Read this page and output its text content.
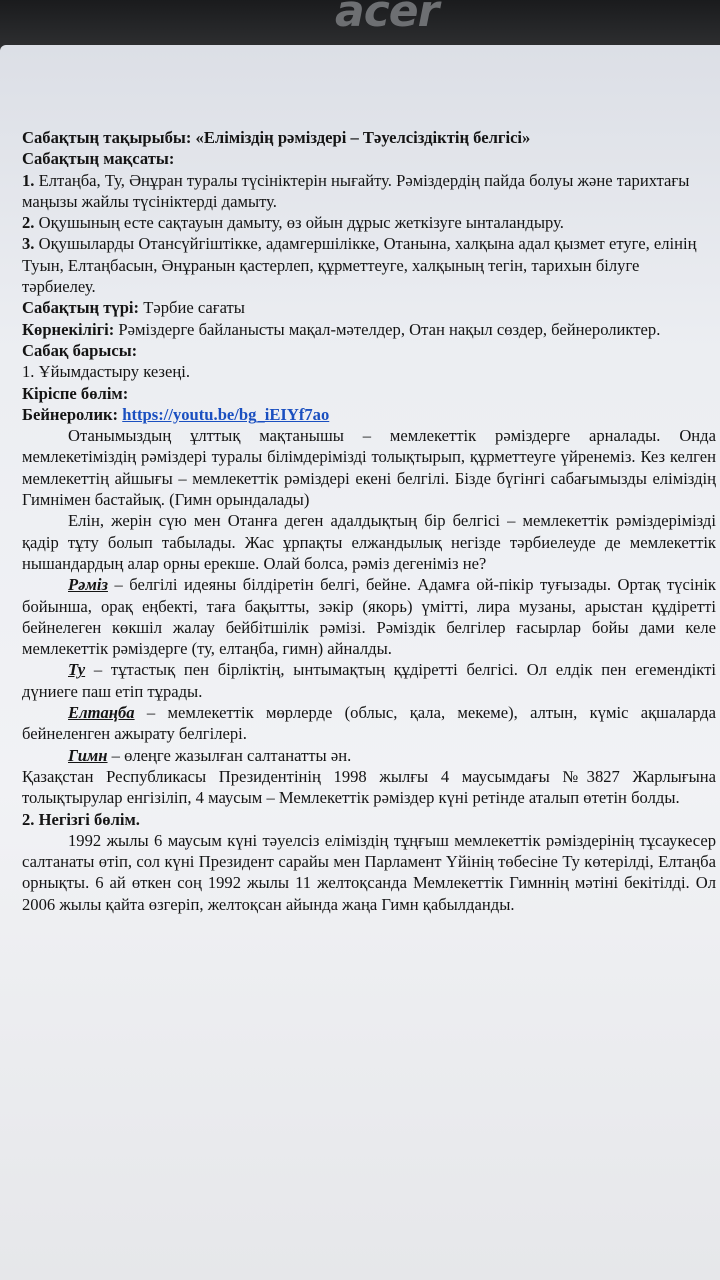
acer

Сабақтың тақырыбы: «Еліміздің рәміздері – Тәуелсіздіктің белгісі»

Сабақтың мақсаты:

1. Елтаңба, Ту, Әнұран туралы түсініктерін нығайту. Рәміздердің пайда болуы және тарихтағы маңызы жайлы түсініктерді дамыту.

2. Оқушының есте сақтауын дамыту, өз ойын дұрыс жеткізуге ынталандыру.

3. Оқушыларды Отансүйгіштікке, адамгершілікке, Отанына, халқына адал қызмет етуге, елінің Туын, Елтаңбасын, Әнұранын қастерлеп, құрметтеуге, халқының тегін, тарихын білуге тәрбиелеу.

Сабақтың түрі: Тәрбие сағаты

Көрнекілігі: Рәміздерге байланысты мақал-мәтелдер, Отан нақыл сөздер, бейнероликтер.

Сабақ барысы:

1. Ұйымдастыру кезеңі.

Кіріспе бөлім:

Бейнеролик: https://youtu.be/bg_iEIYf7ao

Отанымыздың ұлттық мақтанышы – мемлекеттік рәміздерге арналады. Онда мемлекетіміздің рәміздері туралы білімдерімізді толықтырып, құрметтеуге үйренеміз. Кез келген мемлекеттің айшығы – мемлекеттік рәміздері екені белгілі. Бізде бүгінгі сабағымызды еліміздің Гимнімен бастайық. (Гимн орындалады)

Елін, жерін сүю мен Отанға деген адалдықтың бір белгісі – мемлекеттік рәміздерімізді қадір тұту болып табылады. Жас ұрпақты елжандылық негізде тәрбиелеуде де мемлекеттік нышандардың алар орны ерекше. Олай болса, рәміз дегеніміз не?

Рәміз – белгілі идеяны білдіретін белгі, бейне. Адамға ой-пікір туғызады. Ортақ түсінік бойынша, орақ еңбекті, таға бақытты, зәкір (якорь) үмітті, лира музаны, арыстан құдіретті бейнелеген көкшіл жалау бейбітшілік рәмізі. Рәміздік белгілер ғасырлар бойы дами келе мемлекеттік рәміздерге (ту, елтаңба, гимн) айналды.

Ту – тұтастық пен бірліктің, ынтымақтың құдіретті белгісі. Ол елдік пен егемендікті дүниеге паш етіп тұрады.

Елтаңба – мемлекеттік мөрлерде (облыс, қала, мекеме), алтын, күміс ақшаларда бейнеленген ажырату белгілері.

Гимн – өлеңге жазылған салтанатты ән.

Қазақстан Республикасы Президентінің 1998 жылғы 4 маусымдағы №3827 Жарлығына толықтырулар енгізіліп, 4 маусым – Мемлекеттік рәміздер күні ретінде аталып өтетін болды.

2. Негізгі бөлім.

1992 жылы 6 маусым күні тәуелсіз еліміздің тұңғыш мемлекеттік рәміздерінің тұсаукесер салтанаты өтіп, сол күні Президент сарайы мен Парламент Үйінің төбесіне Ту көтерілді, Елтаңба орнықты. 6 ай өткен соң 1992 жылы 11 желтоқсанда Мемлекеттік Гимннің мәтіні бекітілді. Ол 2006 жылы қайта өзгеріп, желтоқсан айында жаңа Гимн қабылданды.
